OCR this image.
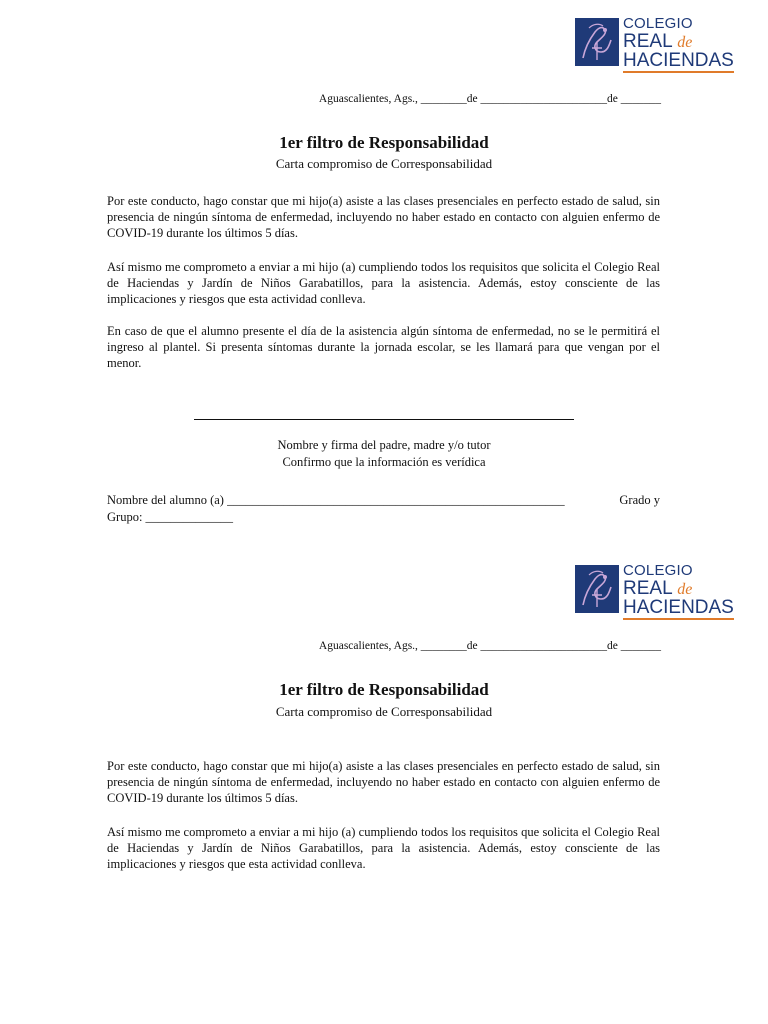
COLEGIO
REAL de
HACIENDAS
Aguascalientes, Ags., ________de ______________________de _______
1er filtro de Responsabilidad
Carta compromiso de Corresponsabilidad
Por este conducto, hago constar que mi hijo(a) asiste a las clases presenciales en perfecto estado de salud, sin presencia de ningún síntoma de enfermedad, incluyendo no haber estado en contacto con alguien enfermo de COVID-19 durante los últimos 5 días.
Así mismo me comprometo a enviar a mi hijo (a) cumpliendo todos los requisitos que solicita el Colegio Real de Haciendas y Jardín de Niños Garabatillos, para la asistencia. Además, estoy consciente de las implicaciones y riesgos que esta actividad conlleva.
En caso de que el alumno presente el día de la asistencia algún síntoma de enfermedad, no se le permitirá el ingreso al plantel. Si presenta síntomas durante la jornada escolar, se les llamará para que vengan por el menor.
Nombre y firma del padre, madre y/o tutor
Confirmo que la información es verídica
Nombre del alumno (a) ______________________________________________________	Grado y
Grupo: ______________
COLEGIO
REAL de
HACIENDAS
Aguascalientes, Ags., ________de ______________________de _______
1er filtro de Responsabilidad
Carta compromiso de Corresponsabilidad
Por este conducto, hago constar que mi hijo(a) asiste a las clases presenciales en perfecto estado de salud, sin presencia de ningún síntoma de enfermedad, incluyendo no haber estado en contacto con alguien enfermo de COVID-19 durante los últimos 5 días.
Así mismo me comprometo a enviar a mi hijo (a) cumpliendo todos los requisitos que solicita el Colegio Real de Haciendas y Jardín de Niños Garabatillos, para la asistencia. Además, estoy consciente de las implicaciones y riesgos que esta actividad conlleva.
